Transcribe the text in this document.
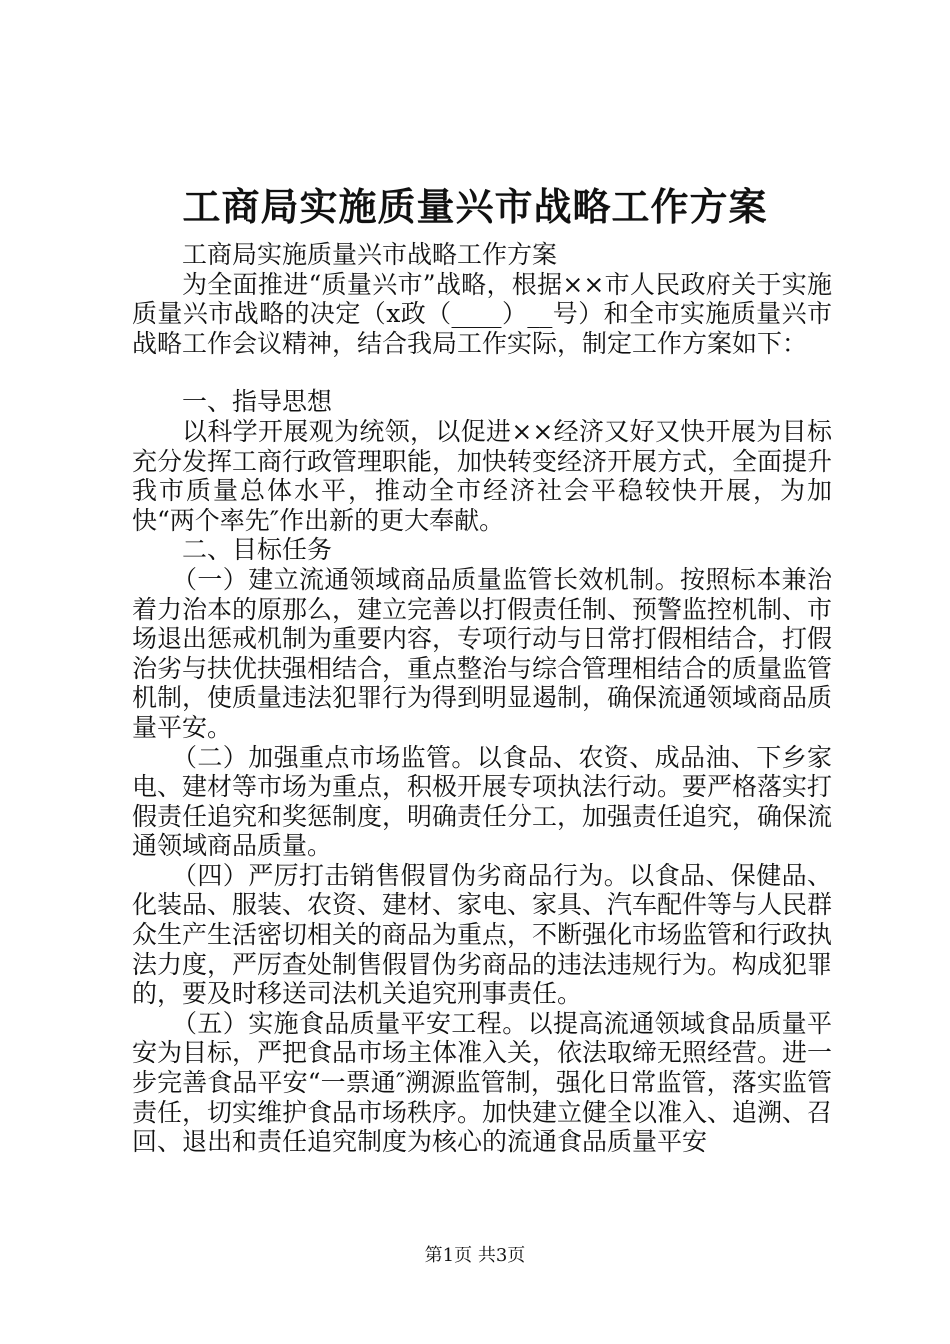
工商局实施质量兴市战略工作方案

工商局实施质量兴市战略工作方案

为全面推进“质量兴市”战略，根据××市人民政府关于实施质量兴市战略的决定（x政（____）__号）和全市实施质量兴市战略工作会议精神，结合我局工作实际，制定工作方案如下：

一、指导思想

以科学开展观为统领，以促进××经济又好又快开展为目标充分发挥工商行政管理职能，加快转变经济开展方式，全面提升我市质量总体水平，推动全市经济社会平稳较快开展，为加快“两个率先″作出新的更大奉献。

二、目标任务

（一）建立流通领域商品质量监管长效机制。按照标本兼治着力治本的原那么，建立完善以打假责任制、预警监控机制、市场退出惩戒机制为重要内容，专项行动与日常打假相结合，打假治劣与扶优扶强相结合，重点整治与综合管理相结合的质量监管机制，使质量违法犯罪行为得到明显遏制，确保流通领域商品质量平安。

（二）加强重点市场监管。以食品、农资、成品油、下乡家电、建材等市场为重点，积极开展专项执法行动。要严格落实打假责任追究和奖惩制度，明确责任分工，加强责任追究，确保流通领域商品质量。

（四）严厉打击销售假冒伪劣商品行为。以食品、保健品、化装品、服装、农资、建材、家电、家具、汽车配件等与人民群众生产生活密切相关的商品为重点，不断强化市场监管和行政执法力度，严厉查处制售假冒伪劣商品的违法违规行为。构成犯罪的，要及时移送司法机关追究刑事责任。

（五）实施食品质量平安工程。以提高流通领域食品质量平安为目标，严把食品市场主体准入关，依法取缔无照经营。进一步完善食品平安“一票通″溯源监管制，强化日常监管，落实监管责任，切实维护食品市场秩序。加快建立健全以准入、追溯、召回、退出和责任追究制度为核心的流通食品质量平安

第1页 共3页
